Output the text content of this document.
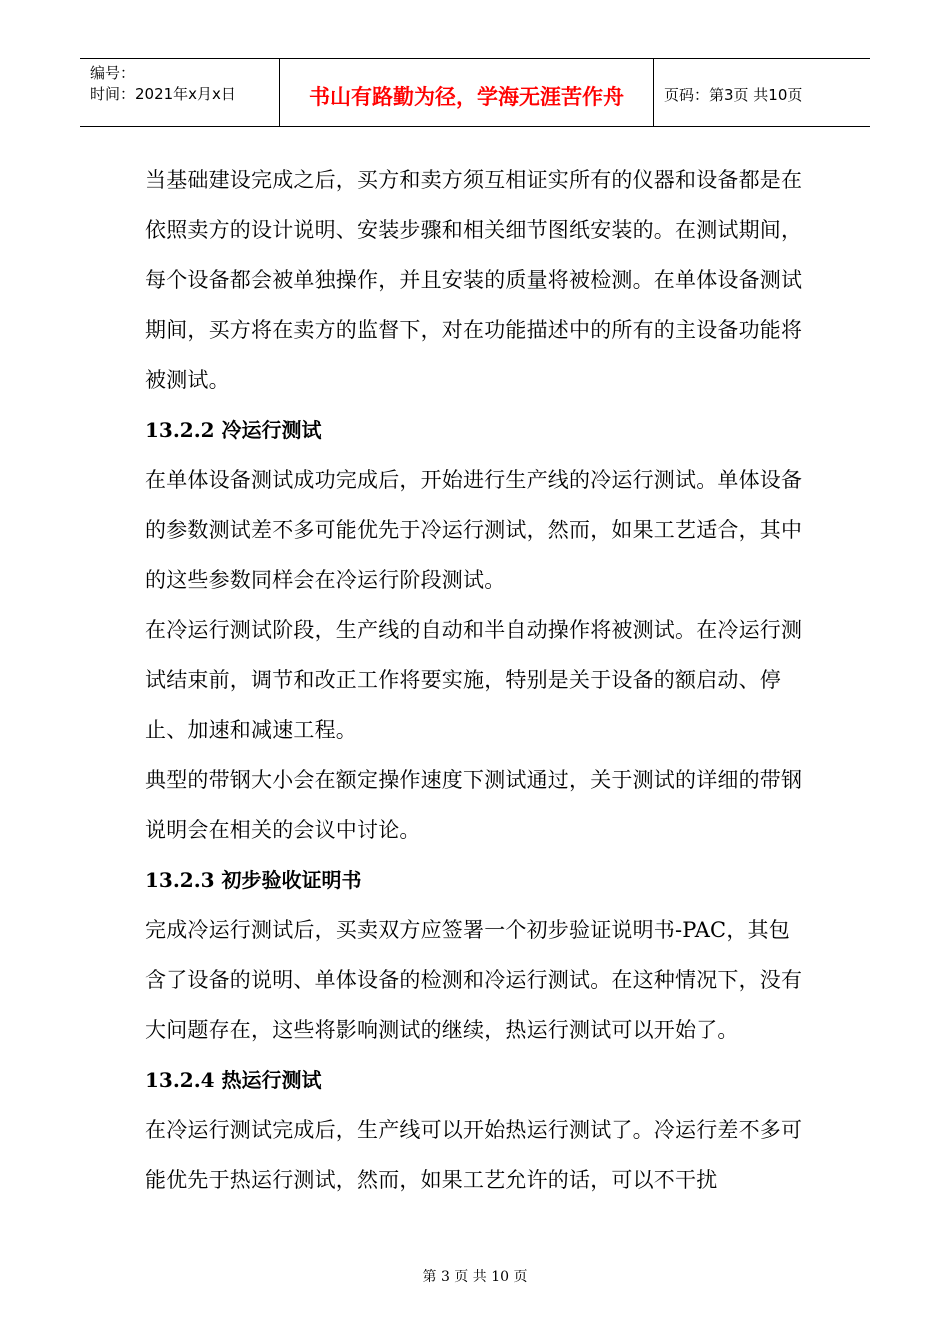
编号：
时间：2021年x月x日	书山有路勤为径，学海无涯苦作舟	页码：第3页 共10页

当基础建设完成之后，买方和卖方须互相证实所有的仪器和设备都是在依照卖方的设计说明、安装步骤和相关细节图纸安装的。在测试期间，每个设备都会被单独操作，并且安装的质量将被检测。在单体设备测试期间，买方将在卖方的监督下，对在功能描述中的所有的主设备功能将被测试。

13.2.2 冷运行测试

在单体设备测试成功完成后，开始进行生产线的冷运行测试。单体设备的参数测试差不多可能优先于冷运行测试，然而，如果工艺适合，其中的这些参数同样会在冷运行阶段测试。

在冷运行测试阶段，生产线的自动和半自动操作将被测试。在冷运行测试结束前，调节和改正工作将要实施，特别是关于设备的额启动、停止、加速和减速工程。

典型的带钢大小会在额定操作速度下测试通过，关于测试的详细的带钢说明会在相关的会议中讨论。

13.2.3 初步验收证明书

完成冷运行测试后，买卖双方应签署一个初步验证说明书-PAC，其包含了设备的说明、单体设备的检测和冷运行测试。在这种情况下，没有大问题存在，这些将影响测试的继续，热运行测试可以开始了。

13.2.4 热运行测试

在冷运行测试完成后，生产线可以开始热运行测试了。冷运行差不多可能优先于热运行测试，然而，如果工艺允许的话，可以不干扰

第 3 页 共 10 页
